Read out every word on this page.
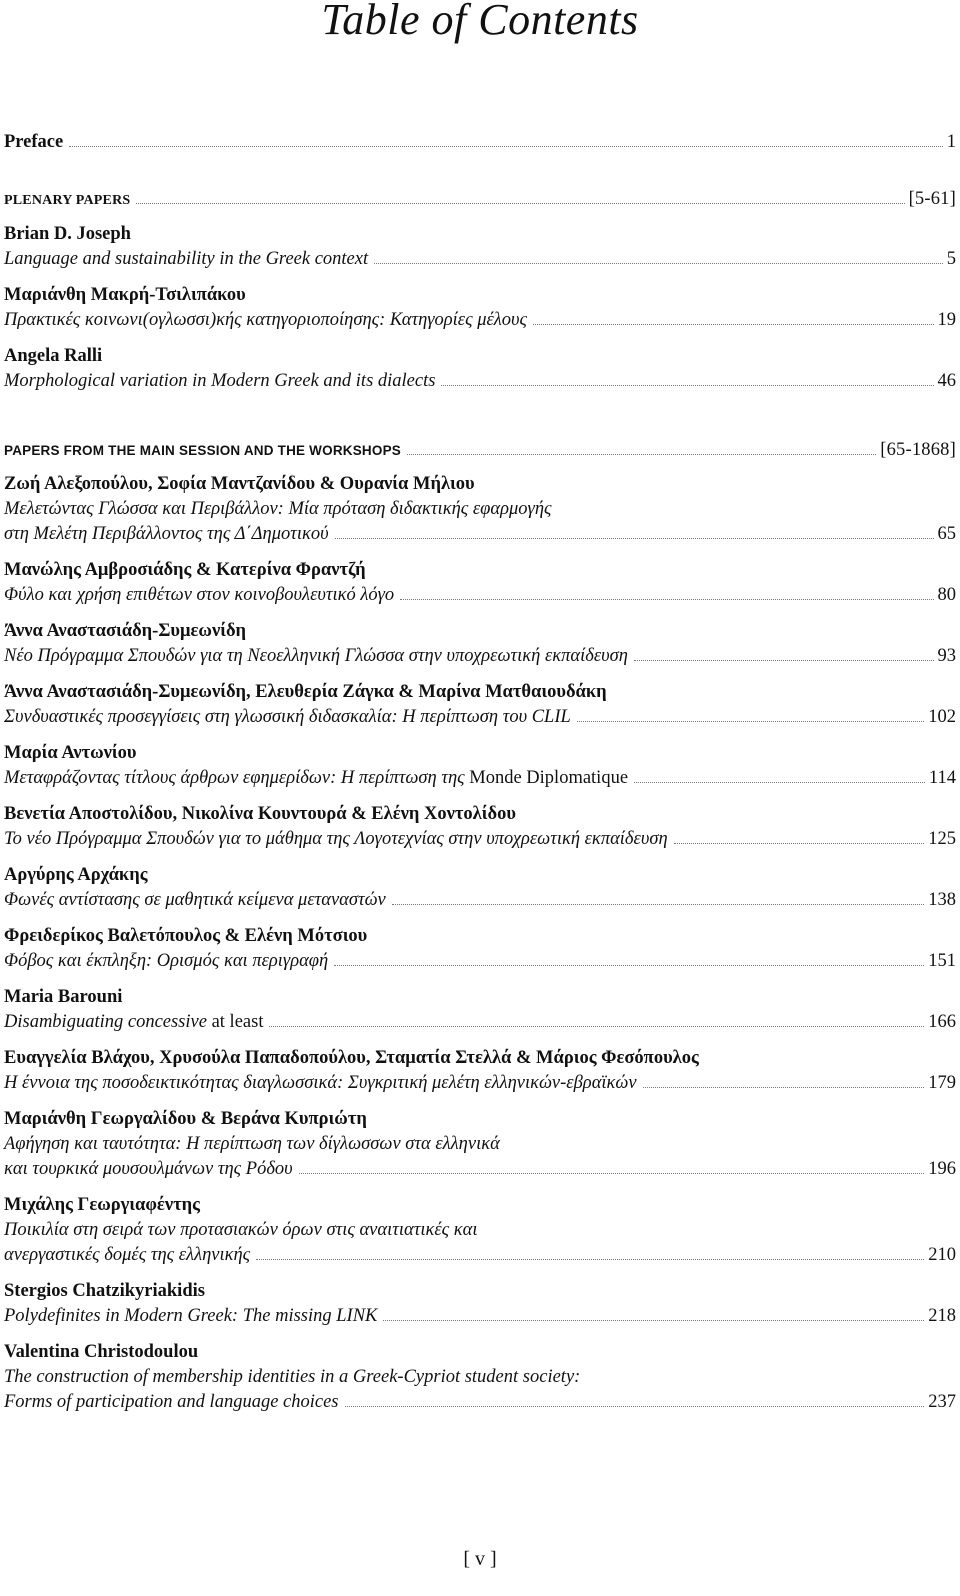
Table of Contents
Preface	1
PLENARY PAPERS	[5-61]
Brian D. Joseph
Language and sustainability in the Greek context	5
Μαριάνθη Μακρή-Τσιλιπάκου
Πρακτικές κοινωνι(ογλωσσι)κής κατηγοριοποίησης: Κατηγορίες μέλους	19
Angela Ralli
Morphological variation in Modern Greek and its dialects	46
PAPERS FROM THE MAIN SESSION AND THE WORKSHOPS	[65-1868]
Ζωή Αλεξοπούλου, Σοφία Μαντζανίδου & Ουρανία Μήλιου
Μελετώντας Γλώσσα και Περιβάλλον: Μία πρόταση διδακτικής εφαρμογής
στη Μελέτη Περιβάλλοντος της Δ΄Δημοτικού	65
Μανώλης Αμβροσιάδης & Κατερίνα Φραντζή
Φύλο και χρήση επιθέτων στον κοινοβουλευτικό λόγο	80
Άννα Αναστασιάδη-Συμεωνίδη
Νέο Πρόγραμμα Σπουδών για τη Νεοελληνική Γλώσσα στην υποχρεωτική εκπαίδευση	93
Άννα Αναστασιάδη-Συμεωνίδη, Ελευθερία Ζάγκα & Μαρίνα Ματθαιουδάκη
Συνδυαστικές προσεγγίσεις στη γλωσσική διδασκαλία: Η περίπτωση του CLIL	102
Μαρία Αντωνίου
Μεταφράζοντας τίτλους άρθρων εφημερίδων: Η περίπτωση της Monde Diplomatique	114
Βενετία Αποστολίδου, Νικολίνα Κουντουρά & Ελένη Χοντολίδου
Το νέο Πρόγραμμα Σπουδών για το μάθημα της Λογοτεχνίας στην υποχρεωτική εκπαίδευση	125
Αργύρης Αρχάκης
Φωνές αντίστασης σε μαθητικά κείμενα μεταναστών	138
Φρειδερίκος Βαλετόπουλος & Ελένη Μότσιου
Φόβος και έκπληξη: Ορισμός και περιγραφή	151
Maria Barouni
Disambiguating concessive at least	166
Ευαγγελία Βλάχου, Χρυσούλα Παπαδοπούλου, Σταματία Στελλά & Μάριος Φεσόπουλος
Η έννοια της ποσοδεικτικότητας διαγλωσσικά: Συγκριτική μελέτη ελληνικών-εβραϊκών	179
Μαριάνθη Γεωργαλίδου & Βεράνα Κυπριώτη
Αφήγηση και ταυτότητα: Η περίπτωση των δίγλωσσων στα ελληνικά
και τουρκικά μουσουλμάνων της Ρόδου	196
Μιχάλης Γεωργιαφέντης
Ποικιλία στη σειρά των προτασιακών όρων στις αναιτιατικές και
ανεργαστικές δομές της ελληνικής	210
Stergios Chatzikyriakidis
Polydefinites in Modern Greek: The missing LINK	218
Valentina Christodoulou
The construction of membership identities in a Greek-Cypriot student society:
Forms of participation and language choices	237
[ v ]
